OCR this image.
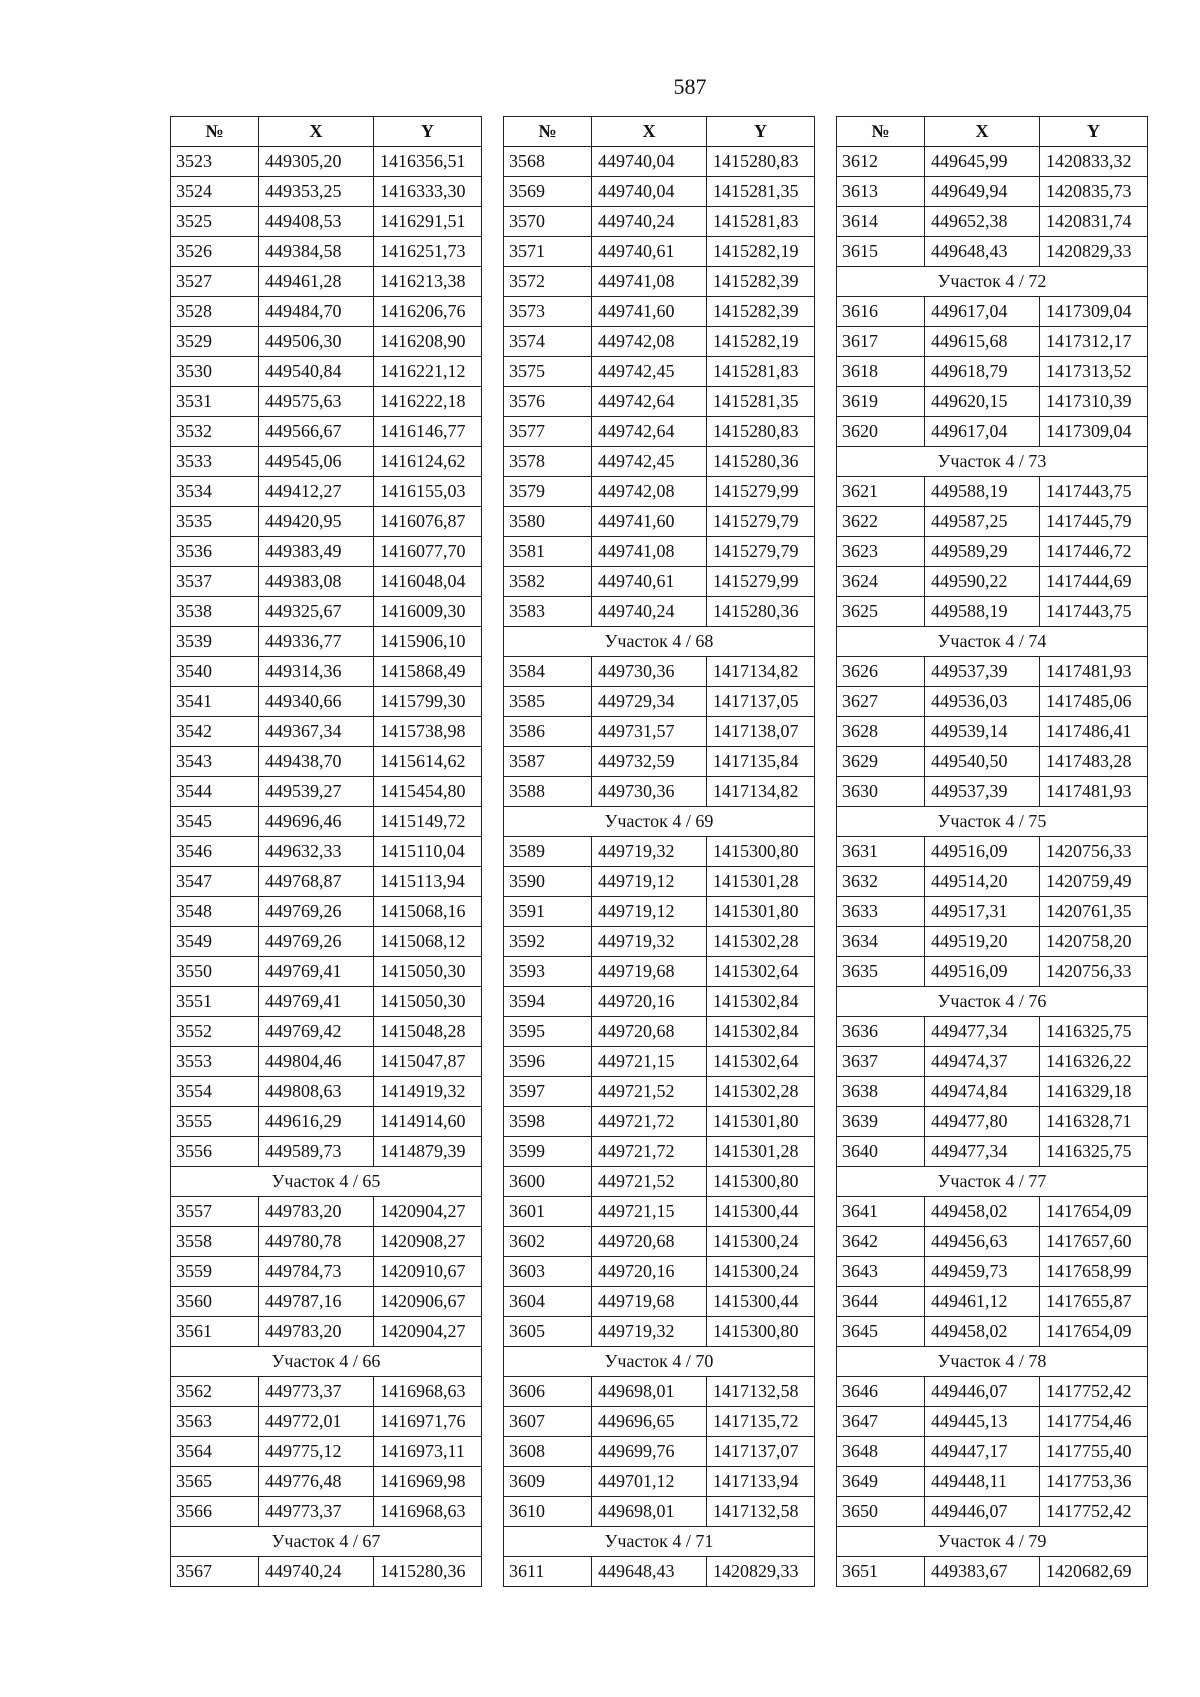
587
№	X	Y
3523	449305,20	1416356,51
3524	449353,25	1416333,30
3525	449408,53	1416291,51
3526	449384,58	1416251,73
3527	449461,28	1416213,38
3528	449484,70	1416206,76
3529	449506,30	1416208,90
3530	449540,84	1416221,12
3531	449575,63	1416222,18
3532	449566,67	1416146,77
3533	449545,06	1416124,62
3534	449412,27	1416155,03
3535	449420,95	1416076,87
3536	449383,49	1416077,70
3537	449383,08	1416048,04
3538	449325,67	1416009,30
3539	449336,77	1415906,10
3540	449314,36	1415868,49
3541	449340,66	1415799,30
3542	449367,34	1415738,98
3543	449438,70	1415614,62
3544	449539,27	1415454,80
3545	449696,46	1415149,72
3546	449632,33	1415110,04
3547	449768,87	1415113,94
3548	449769,26	1415068,16
3549	449769,26	1415068,12
3550	449769,41	1415050,30
3551	449769,41	1415050,30
3552	449769,42	1415048,28
3553	449804,46	1415047,87
3554	449808,63	1414919,32
3555	449616,29	1414914,60
3556	449589,73	1414879,39
Участок 4 / 65		
3557	449783,20	1420904,27
3558	449780,78	1420908,27
3559	449784,73	1420910,67
3560	449787,16	1420906,67
3561	449783,20	1420904,27
Участок 4 / 66		
3562	449773,37	1416968,63
3563	449772,01	1416971,76
3564	449775,12	1416973,11
3565	449776,48	1416969,98
3566	449773,37	1416968,63
Участок 4 / 67		
3567	449740,24	1415280,36
№	X	Y
3568	449740,04	1415280,83
3569	449740,04	1415281,35
3570	449740,24	1415281,83
3571	449740,61	1415282,19
3572	449741,08	1415282,39
3573	449741,60	1415282,39
3574	449742,08	1415282,19
3575	449742,45	1415281,83
3576	449742,64	1415281,35
3577	449742,64	1415280,83
3578	449742,45	1415280,36
3579	449742,08	1415279,99
3580	449741,60	1415279,79
3581	449741,08	1415279,79
3582	449740,61	1415279,99
3583	449740,24	1415280,36
Участок 4 / 68		
3584	449730,36	1417134,82
3585	449729,34	1417137,05
3586	449731,57	1417138,07
3587	449732,59	1417135,84
3588	449730,36	1417134,82
Участок 4 / 69		
3589	449719,32	1415300,80
3590	449719,12	1415301,28
3591	449719,12	1415301,80
3592	449719,32	1415302,28
3593	449719,68	1415302,64
3594	449720,16	1415302,84
3595	449720,68	1415302,84
3596	449721,15	1415302,64
3597	449721,52	1415302,28
3598	449721,72	1415301,80
3599	449721,72	1415301,28
3600	449721,52	1415300,80
3601	449721,15	1415300,44
3602	449720,68	1415300,24
3603	449720,16	1415300,24
3604	449719,68	1415300,44
3605	449719,32	1415300,80
Участок 4 / 70		
3606	449698,01	1417132,58
3607	449696,65	1417135,72
3608	449699,76	1417137,07
3609	449701,12	1417133,94
3610	449698,01	1417132,58
Участок 4 / 71		
3611	449648,43	1420829,33
№	X	Y
3612	449645,99	1420833,32
3613	449649,94	1420835,73
3614	449652,38	1420831,74
3615	449648,43	1420829,33
Участок 4 / 72		
3616	449617,04	1417309,04
3617	449615,68	1417312,17
3618	449618,79	1417313,52
3619	449620,15	1417310,39
3620	449617,04	1417309,04
Участок 4 / 73		
3621	449588,19	1417443,75
3622	449587,25	1417445,79
3623	449589,29	1417446,72
3624	449590,22	1417444,69
3625	449588,19	1417443,75
Участок 4 / 74		
3626	449537,39	1417481,93
3627	449536,03	1417485,06
3628	449539,14	1417486,41
3629	449540,50	1417483,28
3630	449537,39	1417481,93
Участок 4 / 75		
3631	449516,09	1420756,33
3632	449514,20	1420759,49
3633	449517,31	1420761,35
3634	449519,20	1420758,20
3635	449516,09	1420756,33
Участок 4 / 76		
3636	449477,34	1416325,75
3637	449474,37	1416326,22
3638	449474,84	1416329,18
3639	449477,80	1416328,71
3640	449477,34	1416325,75
Участок 4 / 77		
3641	449458,02	1417654,09
3642	449456,63	1417657,60
3643	449459,73	1417658,99
3644	449461,12	1417655,87
3645	449458,02	1417654,09
Участок 4 / 78		
3646	449446,07	1417752,42
3647	449445,13	1417754,46
3648	449447,17	1417755,40
3649	449448,11	1417753,36
3650	449446,07	1417752,42
Участок 4 / 79		
3651	449383,67	1420682,69
